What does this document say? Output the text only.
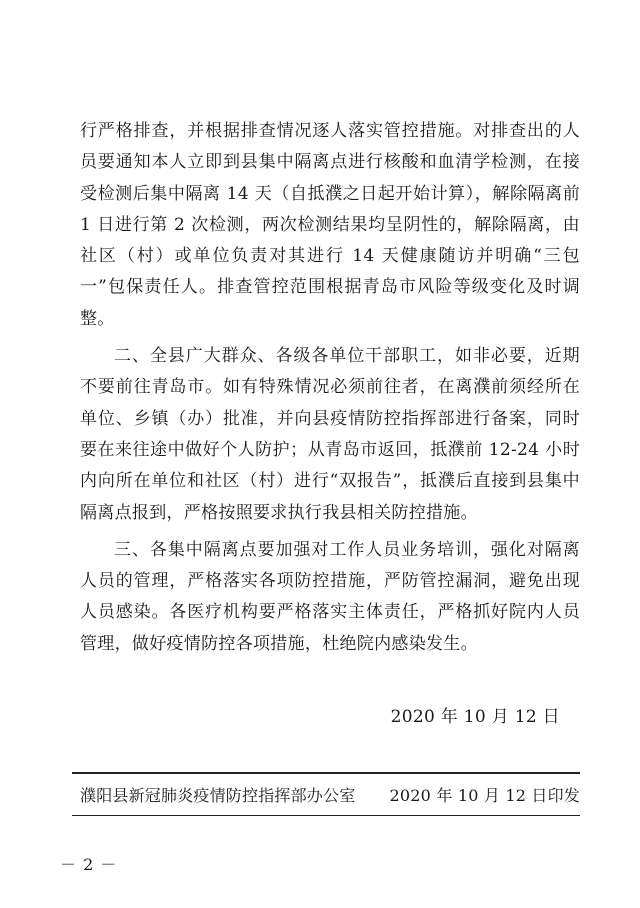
行严格排查，并根据排查情况逐人落实管控措施。对排查出的人员要通知本人立即到县集中隔离点进行核酸和血清学检测，在接受检测后集中隔离 14 天（自抵濮之日起开始计算），解除隔离前 1 日进行第 2 次检测，两次检测结果均呈阴性的，解除隔离，由社区（村）或单位负责对其进行 14 天健康随访并明确“三包一”包保责任人。排查管控范围根据青岛市风险等级变化及时调整。

二、全县广大群众、各级各单位干部职工，如非必要，近期不要前往青岛市。如有特殊情况必须前往者，在离濮前须经所在单位、乡镇（办）批准，并向县疫情防控指挥部进行备案，同时要在来往途中做好个人防护；从青岛市返回，抵濮前 12-24 小时内向所在单位和社区（村）进行“双报告”，抵濮后直接到县集中隔离点报到，严格按照要求执行我县相关防控措施。

三、各集中隔离点要加强对工作人员业务培训，强化对隔离人员的管理，严格落实各项防控措施，严防管控漏洞，避免出现人员感染。各医疗机构要严格落实主体责任，严格抓好院内人员管理，做好疫情防控各项措施，杜绝院内感染发生。

2020 年 10 月 12 日
濮阳县新冠肺炎疫情防控指挥部办公室 2020 年 10 月 12 日印发
－ 2 －
